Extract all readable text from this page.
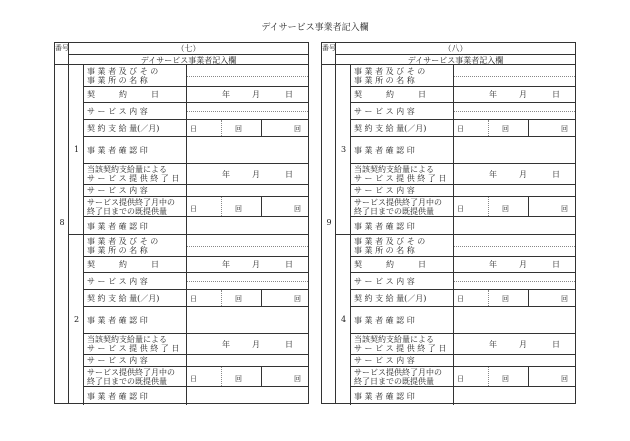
デイサービス事業者記入欄
番号
8
（七）
デイサービス事業者記入欄
1
事 業 者 及 び そ の
事 業 所 の 名 称
契　　　約　　　日	年	月	日
サ ー ビ ス 内 容
契 約 支 給 量(／月)	日	回	回
事 業 者 確 認 印
当該契約支給量による
サ ー ビ ス 提 供 終 了 日	年	月	日
サ ー ビ ス 内 容
サービス提供終了月中の
終了日までの既提供量	日	回	回
事 業 者 確 認 印
2
事 業 者 及 び そ の
事 業 所 の 名 称
契　　　約　　　日	年	月	日
サ ー ビ ス 内 容
契 約 支 給 量(／月)	日	回	回
事 業 者 確 認 印
当該契約支給量による
サ ー ビ ス 提 供 終 了 日	年	月	日
サ ー ビ ス 内 容
サービス提供終了月中の
終了日までの既提供量	日	回	回
事 業 者 確 認 印
番号
9
（八）
デイサービス事業者記入欄
3
事 業 者 及 び そ の
事 業 所 の 名 称
契　　　約　　　日	年	月	日
サ ー ビ ス 内 容
契 約 支 給 量(／月)	日	回	回
事 業 者 確 認 印
当該契約支給量による
サ ー ビ ス 提 供 終 了 日	年	月	日
サ ー ビ ス 内 容
サービス提供終了月中の
終了日までの既提供量	日	回	回
事 業 者 確 認 印
4
事 業 者 及 び そ の
事 業 所 の 名 称
契　　　約　　　日	年	月	日
サ ー ビ ス 内 容
契 約 支 給 量(／月)	日	回	回
事 業 者 確 認 印
当該契約支給量による
サ ー ビ ス 提 供 終 了 日	年	月	日
サ ー ビ ス 内 容
サービス提供終了月中の
終了日までの既提供量	日	回	回
事 業 者 確 認 印
